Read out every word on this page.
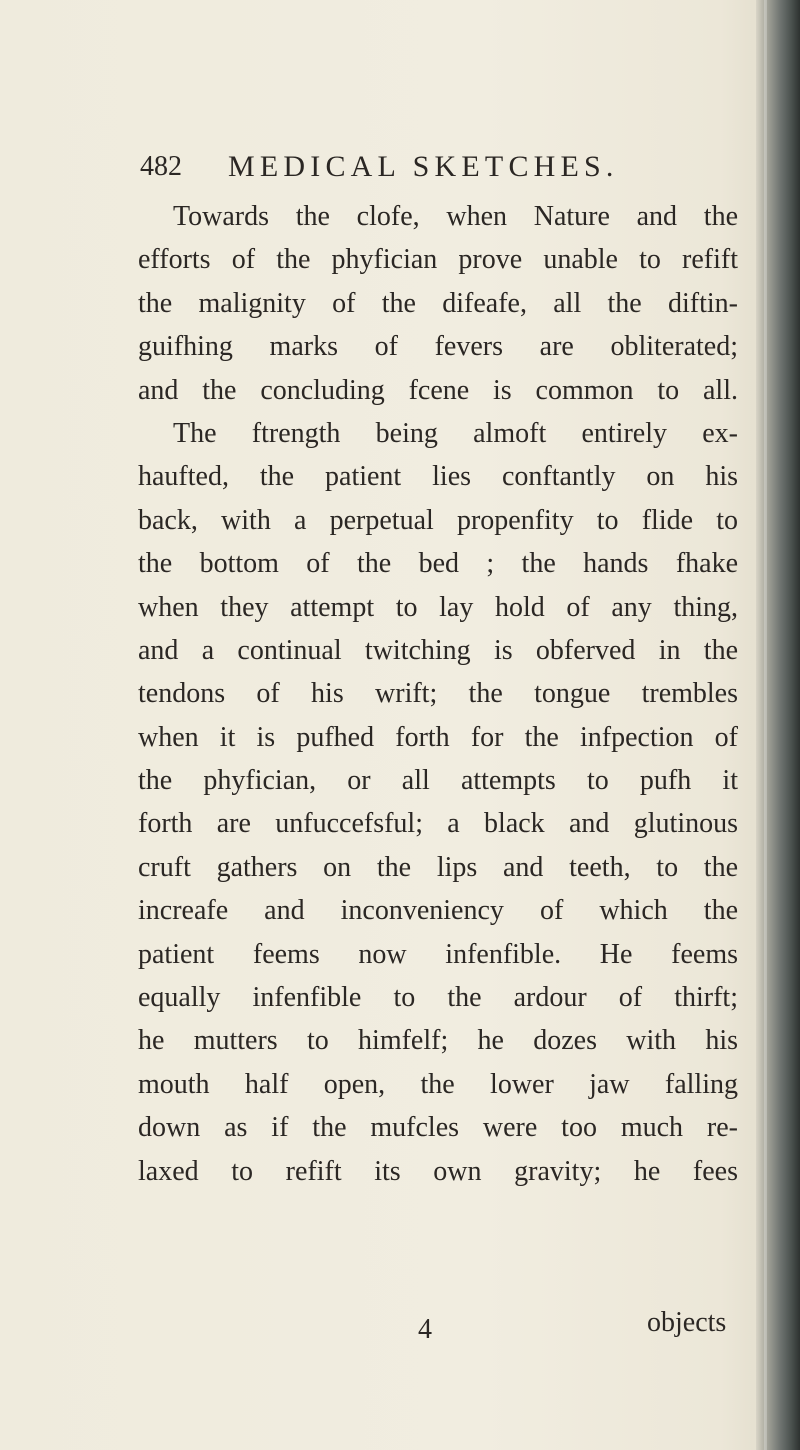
482 MEDICAL SKETCHES.
Towards the clofe, when Nature and the
efforts of the phyfician prove unable to refift
the malignity of the difeafe, all the diftin-
guifhing marks of fevers are obliterated;
and the concluding fcene is common to all.
The ftrength being almoft entirely ex-
haufted, the patient lies conftantly on his
back, with a perpetual propenfity to flide to
the bottom of the bed ; the hands fhake
when they attempt to lay hold of any thing,
and a continual twitching is obferved in the
tendons of his wrift; the tongue trembles
when it is pufhed forth for the infpection of
the phyfician, or all attempts to pufh it
forth are unfuccefsful; a black and glutinous
cruft gathers on the lips and teeth, to the
increafe and inconveniency of which the
patient feems now infenfible. He feems
equally infenfible to the ardour of thirft;
he mutters to himfelf; he dozes with his
mouth half open, the lower jaw falling
down as if the mufcles were too much re-
laxed to refift its own gravity; he fees
4	objects
